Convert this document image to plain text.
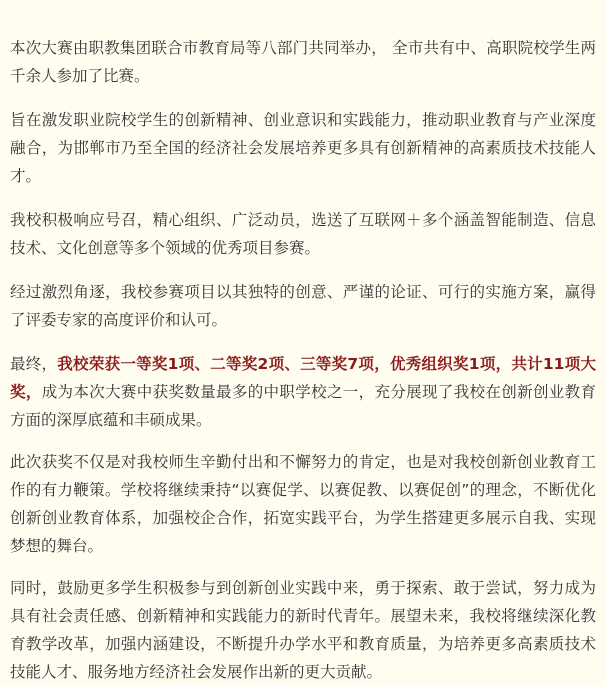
本次大赛由职教集团联合市教育局等八部门共同举办， 全市共有中、高职院校学生两千余人参加了比赛。

旨在激发职业院校学生的创新精神、创业意识和实践能力，推动职业教育与产业深度融合，为邯郸市乃至全国的经济社会发展培养更多具有创新精神的高素质技术技能人才。

我校积极响应号召，精心组织、广泛动员，选送了互联网＋多个涵盖智能制造、信息技术、文化创意等多个领域的优秀项目参赛。

经过激烈角逐，我校参赛项目以其独特的创意、严谨的论证、可行的实施方案，赢得了评委专家的高度评价和认可。

最终，我校荣获一等奖1项、二等奖2项、三等奖7项，优秀组织奖1项，共计11项大奖，成为本次大赛中获奖数量最多的中职学校之一，充分展现了我校在创新创业教育方面的深厚底蕴和丰硕成果。

此次获奖不仅是对我校师生辛勤付出和不懈努力的肯定，也是对我校创新创业教育工作的有力鞭策。学校将继续秉持“以赛促学、以赛促教、以赛促创”的理念，不断优化创新创业教育体系，加强校企合作，拓宽实践平台，为学生搭建更多展示自我、实现梦想的舞台。

同时，鼓励更多学生积极参与到创新创业实践中来，勇于探索、敢于尝试，努力成为具有社会责任感、创新精神和实践能力的新时代青年。展望未来，我校将继续深化教育教学改革，加强内涵建设，不断提升办学水平和教育质量，为培养更多高素质技术技能人才、服务地方经济社会发展作出新的更大贡献。
